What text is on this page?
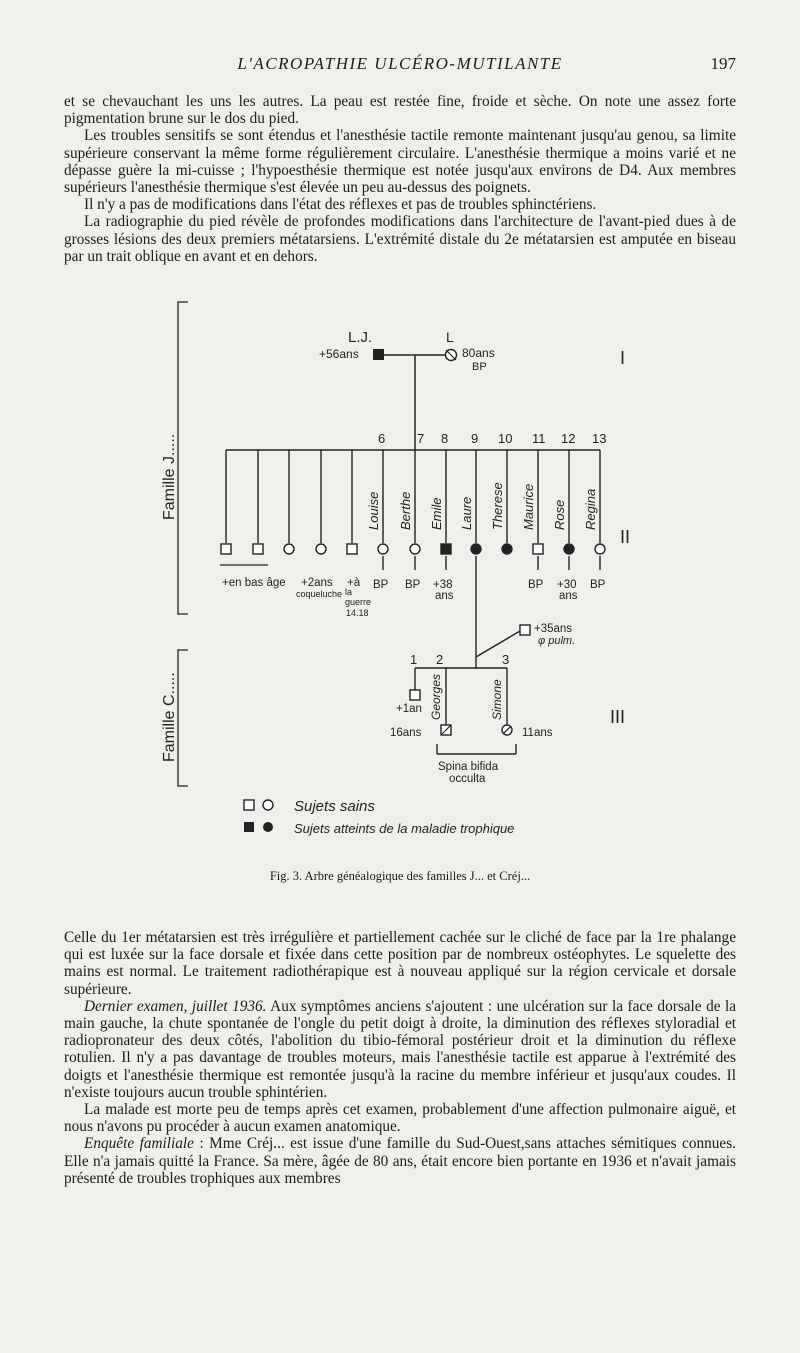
L'ACROPATHIE ULCÉRO-MUTILANTE	197

et se chevauchant les uns les autres. La peau est restée fine, froide et sèche. On note une assez forte pigmentation brune sur le dos du pied.

Les troubles sensitifs se sont étendus et l'anesthésie tactile remonte maintenant jusqu'au genou, sa limite supérieure conservant la même forme régulièrement circulaire. L'anesthésie thermique a moins varié et ne dépasse guère la mi-cuisse ; l'hypoesthésie thermique est notée jusqu'aux environs de D4. Aux membres supérieurs l'anesthésie thermique s'est élevée un peu au-dessus des poignets.

Il n'y a pas de modifications dans l'état des réflexes et pas de troubles sphinctériens.

La radiographie du pied révèle de profondes modifications dans l'architecture de l'avant-pied dues à de grosses lésions des deux premiers métatarsiens. L'extrémité distale du 2e métatarsien est amputée en biseau par un trait oblique en avant et en dehors.

Famille J.....
Famille C.....
L.J.
+56ans
L
80ans
BP	I
6 7 8 9 10 11 12 13
Louise Berthe Emile Laure Therese Maurice Rose Regina
+en bas âge +2ans
coqueluche
+à
la
guerre
14.18
BP BP +38
ans
BP +30
ans
BP
II
+35ans
φ pulm.
1 2	3
+1an Georges
16ans
Simone
11ans
Spina bifida
occulta
III
Sujets sains
Sujets atteints de la maladie trophique
Fig. 3. Arbre généalogique des familles J... et Créj...

Celle du 1er métatarsien est très irrégulière et partiellement cachée sur le cliché de face par la 1re phalange qui est luxée sur la face dorsale et fixée dans cette position par de nombreux ostéophytes. Le squelette des mains est normal. Le traitement radiothérapique est à nouveau appliqué sur la région cervicale et dorsale supérieure.

Dernier examen, juillet 1936. Aux symptômes anciens s'ajoutent : une ulcération sur la face dorsale de la main gauche, la chute spontanée de l'ongle du petit doigt à droite, la diminution des réflexes styloradial et radiopronateur des deux côtés, l'abolition du tibio-fémoral postérieur droit et la diminution du réflexe rotulien. Il n'y a pas davantage de troubles moteurs, mais l'anesthésie tactile est apparue à l'extrémité des doigts et l'anesthésie thermique est remontée jusqu'à la racine du membre inférieur et jusqu'aux coudes. Il n'existe toujours aucun trouble sphintérien.

La malade est morte peu de temps après cet examen, probablement d'une affection pulmonaire aiguë, et nous n'avons pu procéder à aucun examen anatomique.

Enquête familiale : Mme Créj... est issue d'une famille du Sud-Ouest,sans attaches sémitiques connues. Elle n'a jamais quitté la France. Sa mère, âgée de 80 ans, était encore bien portante en 1936 et n'avait jamais présenté de troubles trophiques aux membres
